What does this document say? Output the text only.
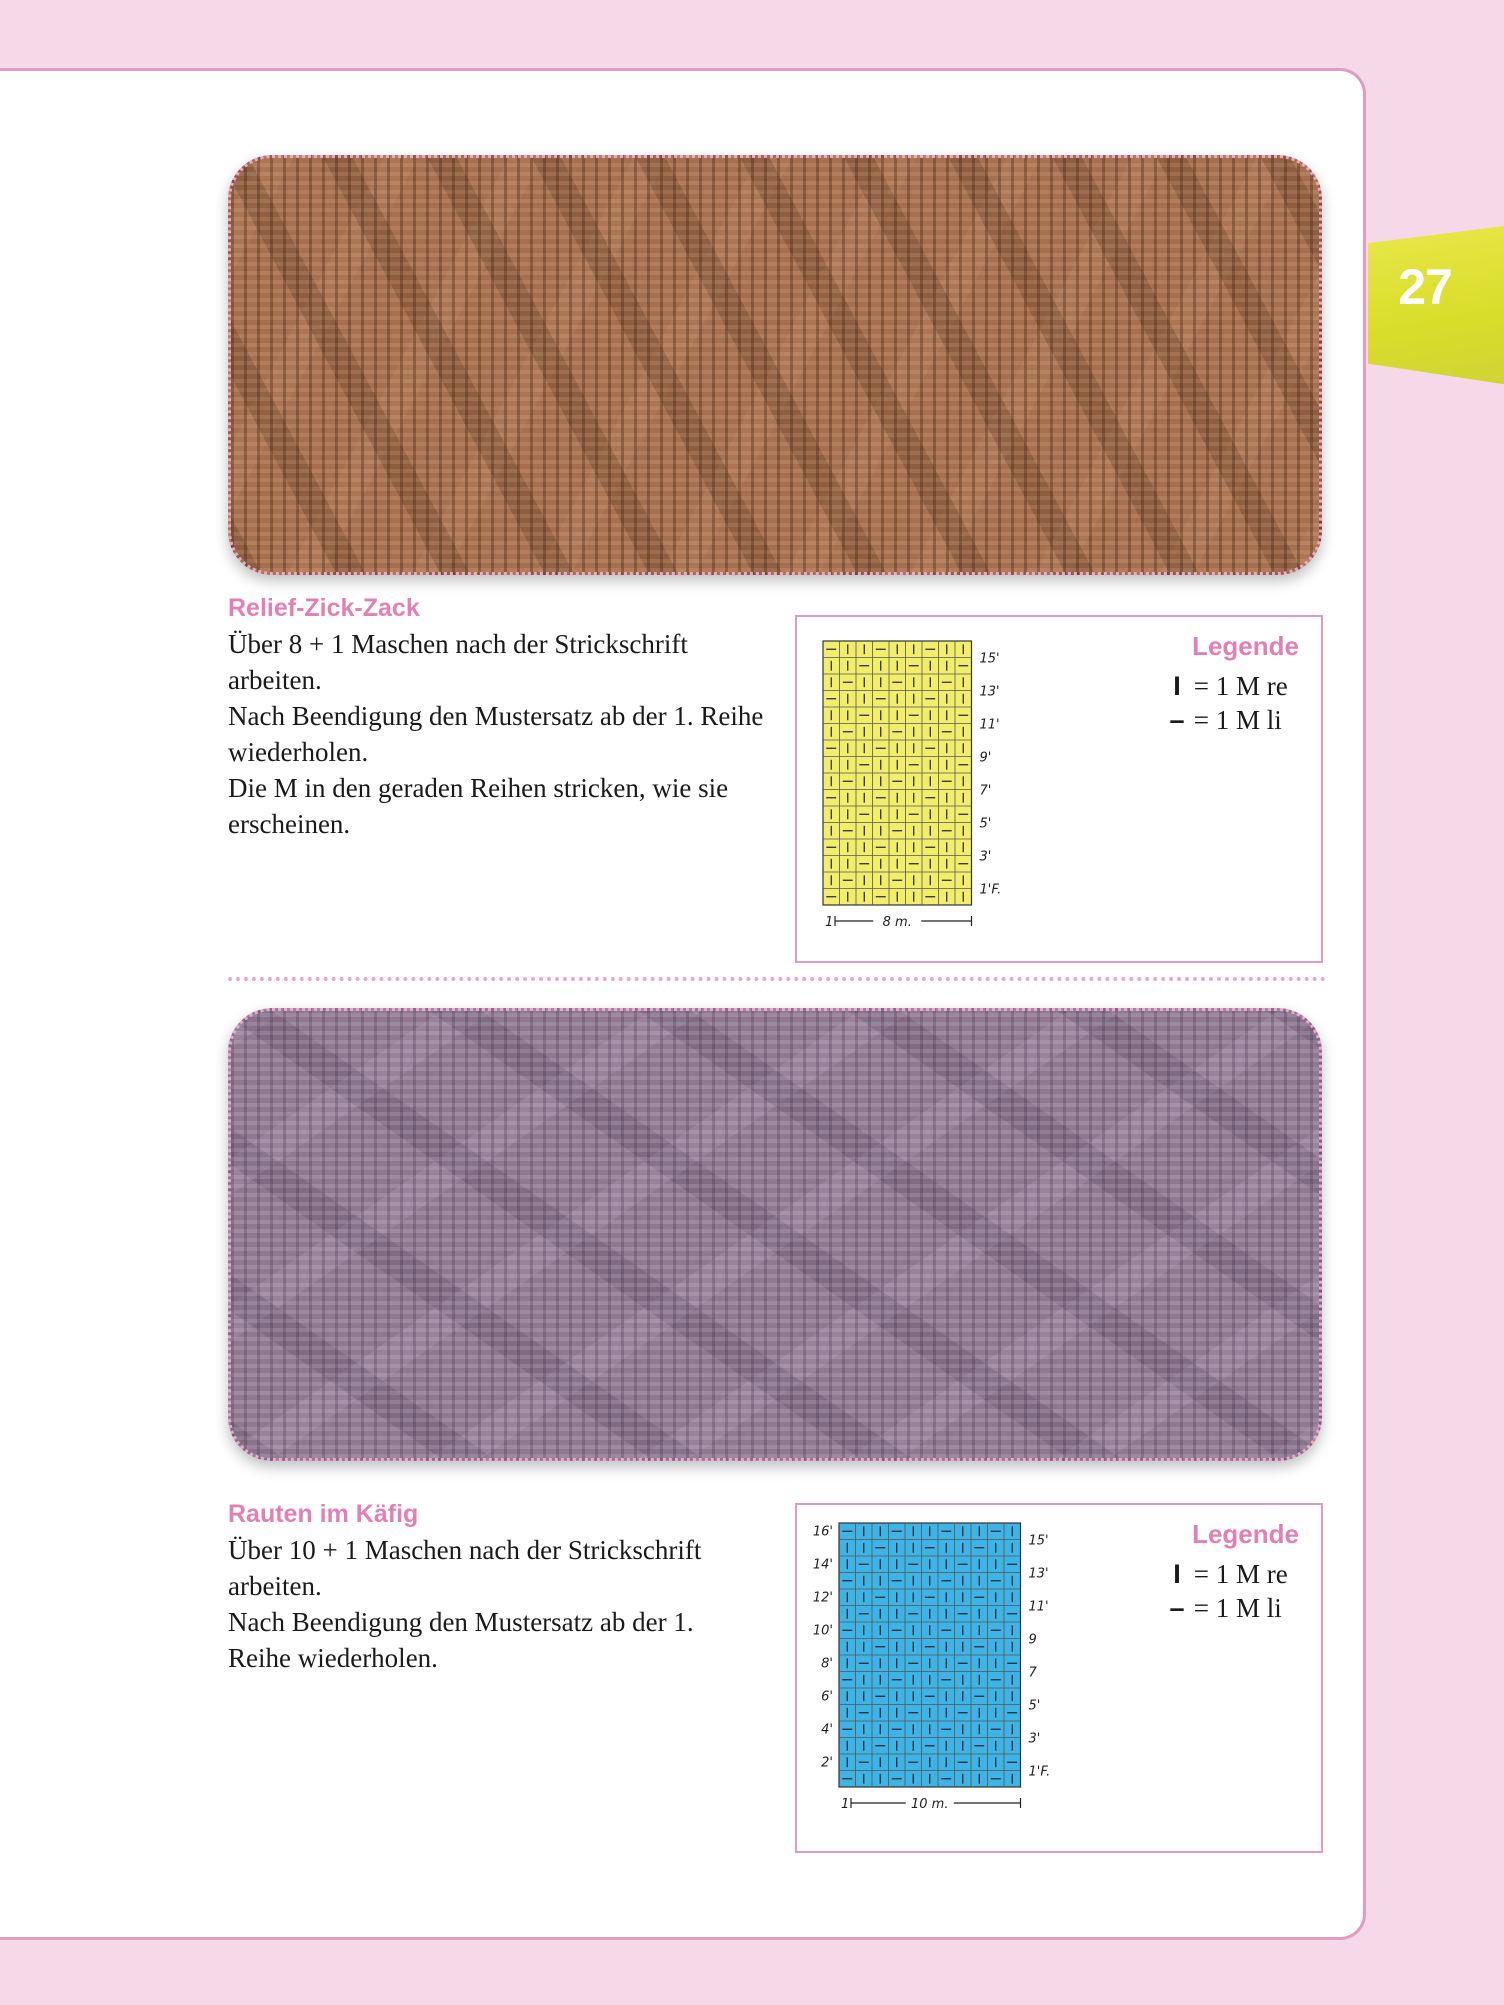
27
Relief-Zick-Zack

Über 8 + 1 Maschen nach der Strickschrift arbeiten.

Nach Beendigung den Mustersatz ab der 1. Reihe wiederholen.

Die M in den geraden Reihen stricken, wie sie erscheinen.

15'
13'
11'
9'
7'
5'
3'
1'F.
1	8 m.
Legende
I = 1 M re
– = 1 M li
Rauten im Käfig

Über 10 + 1 Maschen nach der Strickschrift arbeiten.

Nach Beendigung den Mustersatz ab der 1. Reihe wiederholen.

15'
13'
11'
9
7
5'
3'
1'F.
16'
14'
12'
10'
8'
6'
4'
2'
1	10 m.
Legende
I = 1 M re
– = 1 M li
